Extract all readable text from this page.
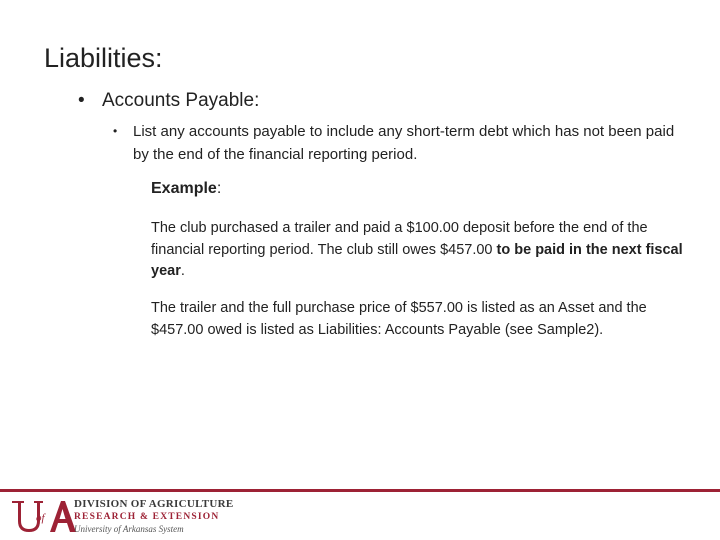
Liabilities:
• Accounts Payable:
•	List any accounts payable to include any short-term debt which has not been paid by the end of the financial reporting period.
Example:
The club purchased a trailer and paid a $100.00 deposit before the end of the financial reporting period. The club still owes $457.00 to be paid in the next fiscal year.
The trailer and the full purchase price of $557.00 is listed as an Asset and the $457.00 owed is listed as Liabilities: Accounts Payable (see Sample2).
of
DIVISION OF AGRICULTURE
RESEARCH & EXTENSION
University of Arkansas System
